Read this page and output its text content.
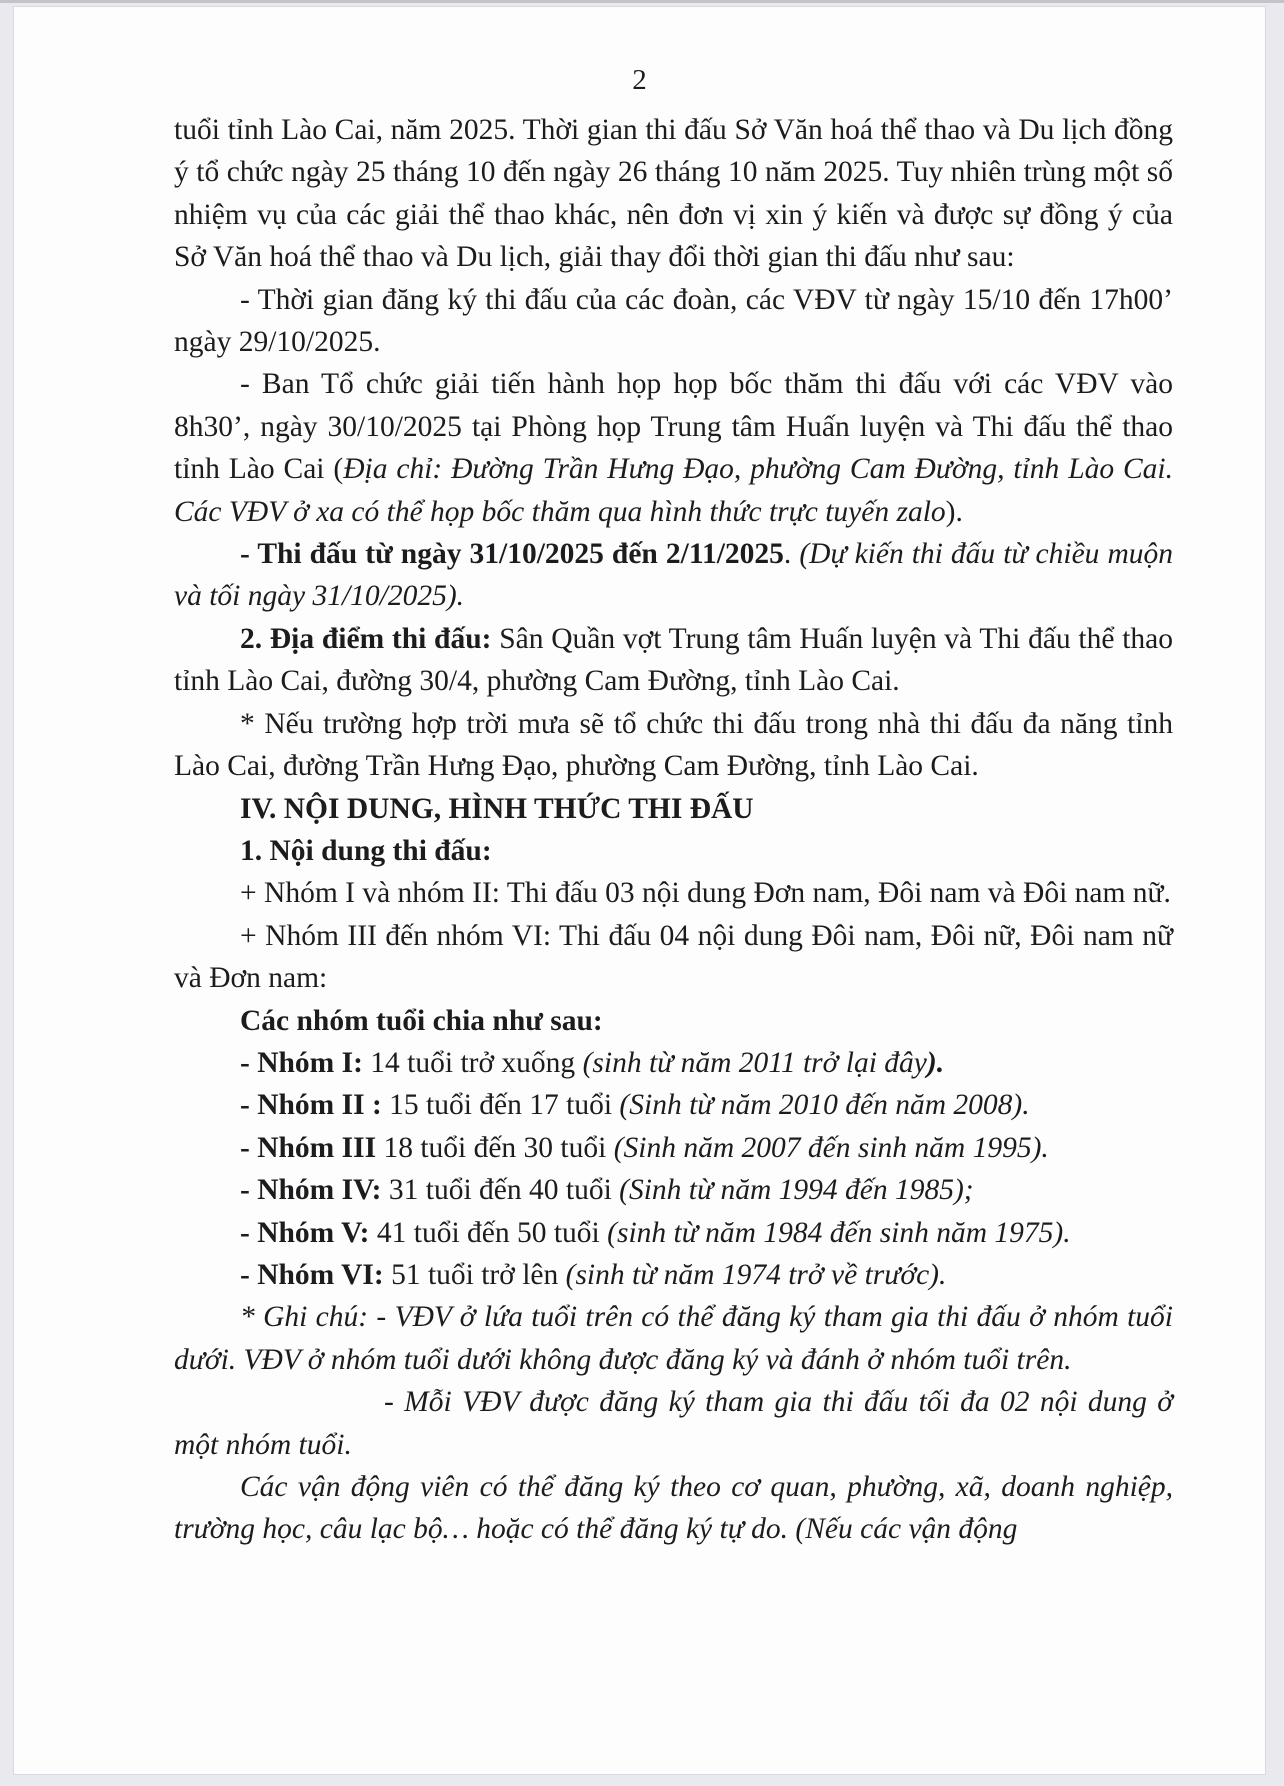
2

tuổi tỉnh Lào Cai, năm 2025. Thời gian thi đấu Sở Văn hoá thể thao và Du lịch đồng ý tổ chức ngày 25 tháng 10 đến ngày 26 tháng 10 năm 2025. Tuy nhiên trùng một số nhiệm vụ của các giải thể thao khác, nên đơn vị xin ý kiến và được sự đồng ý của Sở Văn hoá thể thao và Du lịch, giải thay đổi thời gian thi đấu như sau:

- Thời gian đăng ký thi đấu của các đoàn, các VĐV từ ngày 15/10 đến 17h00’ ngày 29/10/2025.

- Ban Tổ chức giải tiến hành họp họp bốc thăm thi đấu với các VĐV vào 8h30’, ngày 30/10/2025 tại Phòng họp Trung tâm Huấn luyện và Thi đấu thể thao tỉnh Lào Cai (Địa chỉ: Đường Trần Hưng Đạo, phường Cam Đường, tỉnh Lào Cai. Các VĐV ở xa có thể họp bốc thăm qua hình thức trực tuyến zalo).

- Thi đấu từ ngày 31/10/2025 đến 2/11/2025. (Dự kiến thi đấu từ chiều muộn và tối ngày 31/10/2025).

2. Địa điểm thi đấu: Sân Quần vợt Trung tâm Huấn luyện và Thi đấu thể thao tỉnh Lào Cai, đường 30/4, phường Cam Đường, tỉnh Lào Cai.

* Nếu trường hợp trời mưa sẽ tổ chức thi đấu trong nhà thi đấu đa năng tỉnh Lào Cai, đường Trần Hưng Đạo, phường Cam Đường, tỉnh Lào Cai.

IV. NỘI DUNG, HÌNH THỨC THI ĐẤU

1. Nội dung thi đấu:

+ Nhóm I và nhóm II: Thi đấu 03 nội dung Đơn nam, Đôi nam và Đôi nam nữ.

+ Nhóm III đến nhóm VI: Thi đấu 04 nội dung Đôi nam, Đôi nữ, Đôi nam nữ và Đơn nam:

Các nhóm tuổi chia như sau:

- Nhóm I: 14 tuổi trở xuống (sinh từ năm 2011 trở lại đây).

- Nhóm II : 15 tuổi đến 17 tuổi (Sinh từ năm 2010 đến năm 2008).

- Nhóm III 18 tuổi đến 30 tuổi (Sinh năm 2007 đến sinh năm 1995).

- Nhóm IV: 31 tuổi đến 40 tuổi (Sinh từ năm 1994 đến 1985);

- Nhóm V: 41 tuổi đến 50 tuổi (sinh từ năm 1984 đến sinh năm 1975).

- Nhóm VI: 51 tuổi trở lên (sinh từ năm 1974 trở về trước).

* Ghi chú: - VĐV ở lứa tuổi trên có thể đăng ký tham gia thi đấu ở nhóm tuổi dưới. VĐV ở nhóm tuổi dưới không được đăng ký và đánh ở nhóm tuổi trên.

- Mỗi VĐV được đăng ký tham gia thi đấu tối đa 02 nội dung ở một nhóm tuổi.

Các vận động viên có thể đăng ký theo cơ quan, phường, xã, doanh nghiệp, trường học, câu lạc bộ… hoặc có thể đăng ký tự do. (Nếu các vận động
